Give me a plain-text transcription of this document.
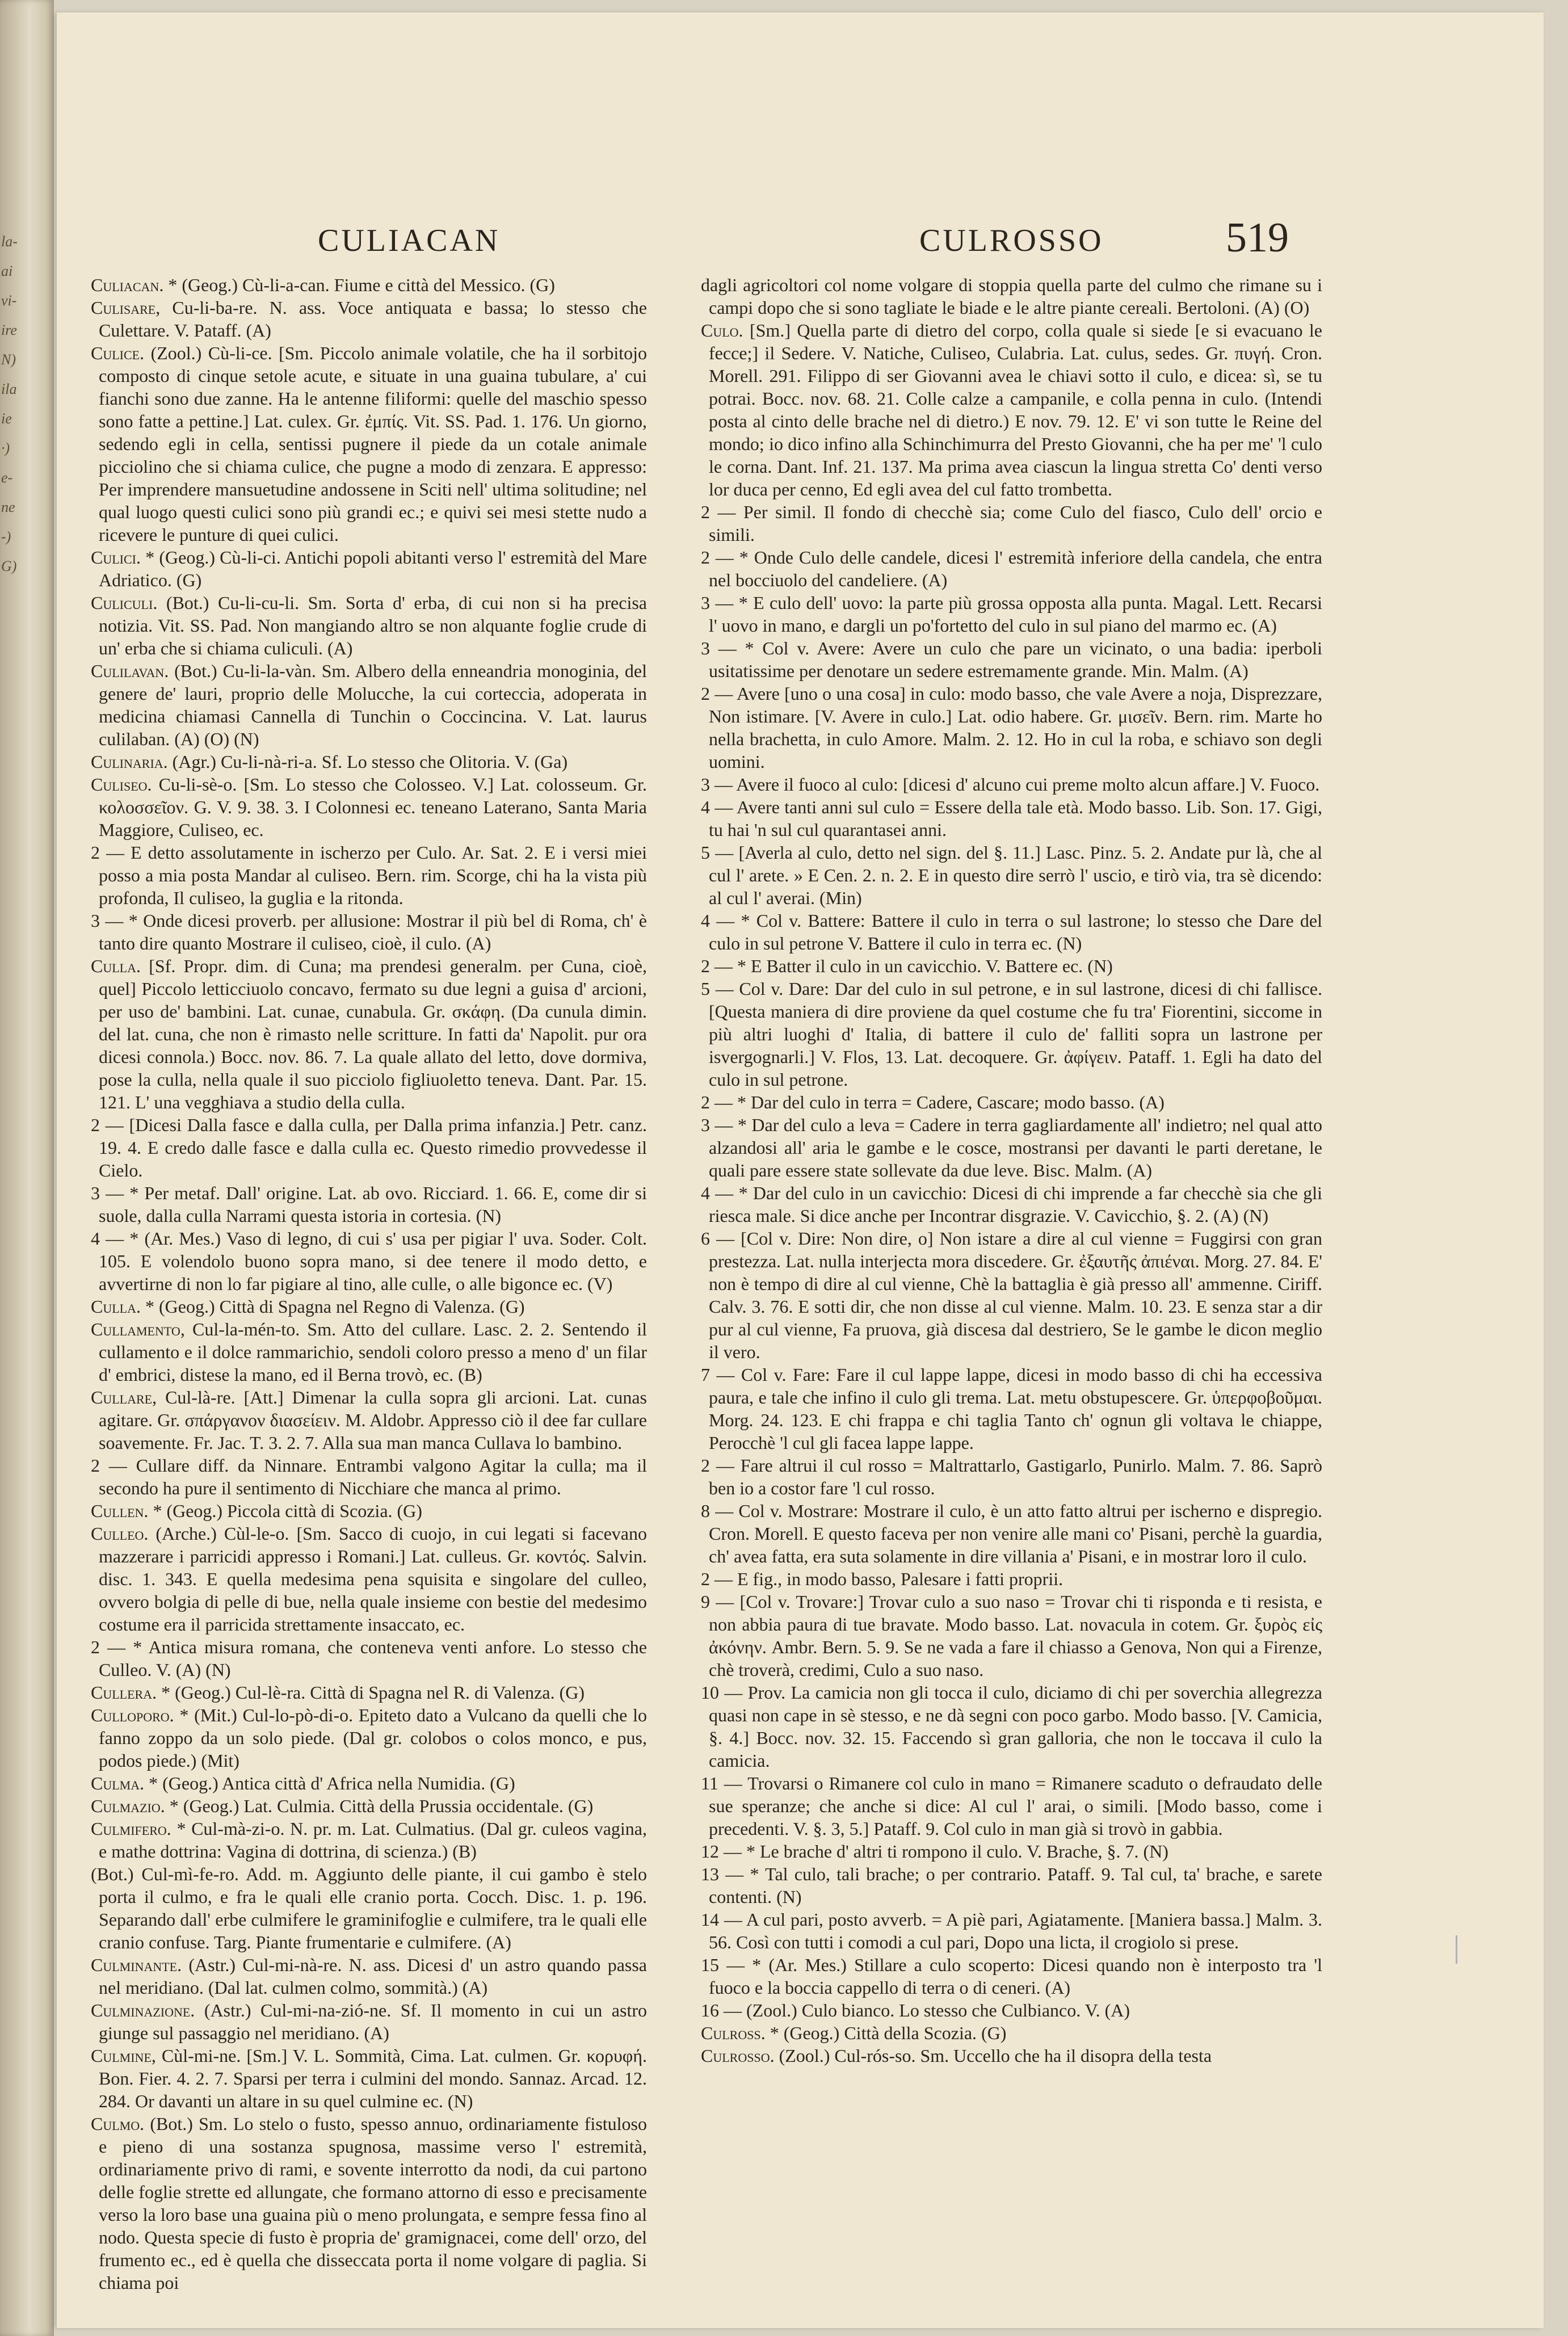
la- ai vi- ire N) ila ie ·) e- ne -) G)
CULIACAN	CULROSSO	519

Culiacan. * (Geog.) Cù-li-a-can. Fiume e città del Messico. (G)

Culisare, Cu-li-ba-re. N. ass. Voce antiquata e bassa; lo stesso che Culettare. V. Pataff. (A)

Culice. (Zool.) Cù-li-ce. [Sm. Piccolo animale volatile, che ha il sorbitojo composto di cinque setole acute, e situate in una guaina tubulare, a' cui fianchi sono due zanne. Ha le antenne filiformi: quelle del maschio spesso sono fatte a pettine.] Lat. culex. Gr. ἐμπίς. Vit. SS. Pad. 1. 176. Un giorno, sedendo egli in cella, sentissi pugnere il piede da un cotale animale picciolino che si chiama culice, che pugne a modo di zenzara. E appresso: Per imprendere mansuetudine andossene in Sciti nell' ultima solitudine; nel qual luogo questi culici sono più grandi ec.; e quivi sei mesi stette nudo a ricevere le punture di quei culici.

Culici. * (Geog.) Cù-li-ci. Antichi popoli abitanti verso l' estremità del Mare Adriatico. (G)

Culiculi. (Bot.) Cu-li-cu-li. Sm. Sorta d' erba, di cui non si ha precisa notizia. Vit. SS. Pad. Non mangiando altro se non alquante foglie crude di un' erba che si chiama culiculi. (A)

Culilavan. (Bot.) Cu-li-la-vàn. Sm. Albero della enneandria monoginia, del genere de' lauri, proprio delle Molucche, la cui corteccia, adoperata in medicina chiamasi Cannella di Tunchin o Coccincina. V. Lat. laurus culilaban. (A) (O) (N)

Culinaria. (Agr.) Cu-li-nà-ri-a. Sf. Lo stesso che Olitoria. V. (Ga)

Culiseo. Cu-li-sè-o. [Sm. Lo stesso che Colosseo. V.] Lat. colosseum. Gr. κολοσσεῖον. G. V. 9. 38. 3. I Colonnesi ec. teneano Laterano, Santa Maria Maggiore, Culiseo, ec.

2 — E detto assolutamente in ischerzo per Culo. Ar. Sat. 2. E i versi miei posso a mia posta Mandar al culiseo. Bern. rim. Scorge, chi ha la vista più profonda, Il culiseo, la guglia e la ritonda.

3 — * Onde dicesi proverb. per allusione: Mostrar il più bel di Roma, ch' è tanto dire quanto Mostrare il culiseo, cioè, il culo. (A)

Culla. [Sf. Propr. dim. di Cuna; ma prendesi generalm. per Cuna, cioè, quel] Piccolo letticciuolo concavo, fermato su due legni a guisa d' arcioni, per uso de' bambini. Lat. cunae, cunabula. Gr. σκάφη. (Da cunula dimin. del lat. cuna, che non è rimasto nelle scritture. In fatti da' Napolit. pur ora dicesi connola.) Bocc. nov. 86. 7. La quale allato del letto, dove dormiva, pose la culla, nella quale il suo picciolo figliuoletto teneva. Dant. Par. 15. 121. L' una vegghiava a studio della culla.

2 — [Dicesi Dalla fasce e dalla culla, per Dalla prima infanzia.] Petr. canz. 19. 4. E credo dalle fasce e dalla culla ec. Questo rimedio provvedesse il Cielo.

3 — * Per metaf. Dall' origine. Lat. ab ovo. Ricciard. 1. 66. E, come dir si suole, dalla culla Narrami questa istoria in cortesia. (N)

4 — * (Ar. Mes.) Vaso di legno, di cui s' usa per pigiar l' uva. Soder. Colt. 105. E volendolo buono sopra mano, si dee tenere il modo detto, e avvertirne di non lo far pigiare al tino, alle culle, o alle bigonce ec. (V)

Culla. * (Geog.) Città di Spagna nel Regno di Valenza. (G)

Cullamento, Cul-la-mén-to. Sm. Atto del cullare. Lasc. 2. 2. Sentendo il cullamento e il dolce rammarichio, sendoli coloro presso a meno d' un filar d' embrici, distese la mano, ed il Berna trovò, ec. (B)

Cullare, Cul-là-re. [Att.] Dimenar la culla sopra gli arcioni. Lat. cunas agitare. Gr. σπάργανον διασείειν. M. Aldobr. Appresso ciò il dee far cullare soavemente. Fr. Jac. T. 3. 2. 7. Alla sua man manca Cullava lo bambino.

2 — Cullare diff. da Ninnare. Entrambi valgono Agitar la culla; ma il secondo ha pure il sentimento di Nicchiare che manca al primo.

Cullen. * (Geog.) Piccola città di Scozia. (G)

Culleo. (Arche.) Cùl-le-o. [Sm. Sacco di cuojo, in cui legati si facevano mazzerare i parricidi appresso i Romani.] Lat. culleus. Gr. κοντός. Salvin. disc. 1. 343. E quella medesima pena squisita e singolare del culleo, ovvero bolgia di pelle di bue, nella quale insieme con bestie del medesimo costume era il parricida strettamente insaccato, ec.

2 — * Antica misura romana, che conteneva venti anfore. Lo stesso che Culleo. V. (A) (N)

Cullera. * (Geog.) Cul-lè-ra. Città di Spagna nel R. di Valenza. (G)

Culloporo. * (Mit.) Cul-lo-pò-di-o. Epiteto dato a Vulcano da quelli che lo fanno zoppo da un solo piede. (Dal gr. colobos o colos monco, e pus, podos piede.) (Mit)

Culma. * (Geog.) Antica città d' Africa nella Numidia. (G)

Culmazio. * (Geog.) Lat. Culmia. Città della Prussia occidentale. (G)

Culmifero. * Cul-mà-zi-o. N. pr. m. Lat. Culmatius. (Dal gr. culeos vagina, e mathe dottrina: Vagina di dottrina, di scienza.) (B)

(Bot.) Cul-mì-fe-ro. Add. m. Aggiunto delle piante, il cui gambo è stelo porta il culmo, e fra le quali elle cranio porta. Cocch. Disc. 1. p. 196. Separando dall' erbe culmifere le graminifoglie e culmifere, tra le quali elle cranio confuse. Targ. Piante frumentarie e culmifere. (A)

Culminante. (Astr.) Cul-mi-nà-re. N. ass. Dicesi d' un astro quando passa nel meridiano. (Dal lat. culmen colmo, sommità.) (A)

Culminazione. (Astr.) Cul-mi-na-zió-ne. Sf. Il momento in cui un astro giunge sul passaggio nel meridiano. (A)

Culmine, Cùl-mi-ne. [Sm.] V. L. Sommità, Cima. Lat. culmen. Gr. κορυφή. Bon. Fier. 4. 2. 7. Sparsi per terra i culmini del mondo. Sannaz. Arcad. 12. 284. Or davanti un altare in su quel culmine ec. (N)

Culmo. (Bot.) Sm. Lo stelo o fusto, spesso annuo, ordinariamente fistuloso e pieno di una sostanza spugnosa, massime verso l' estremità, ordinariamente privo di rami, e sovente interrotto da nodi, da cui partono delle foglie strette ed allungate, che formano attorno di esso e precisamente verso la loro base una guaina più o meno prolungata, e sempre fessa fino al nodo. Questa specie di fusto è propria de' gramignacei, come dell' orzo, del frumento ec., ed è quella che disseccata porta il nome volgare di paglia. Si chiama poi

dagli agricoltori col nome volgare di stoppia quella parte del culmo che rimane su i campi dopo che si sono tagliate le biade e le altre piante cereali. Bertoloni. (A) (O)

Culo. [Sm.] Quella parte di dietro del corpo, colla quale si siede [e si evacuano le fecce;] il Sedere. V. Natiche, Culiseo, Culabria. Lat. culus, sedes. Gr. πυγή. Cron. Morell. 291. Filippo di ser Giovanni avea le chiavi sotto il culo, e dicea: sì, se tu potrai. Bocc. nov. 68. 21. Colle calze a campanile, e colla penna in culo. (Intendi posta al cinto delle brache nel di dietro.) E nov. 79. 12. E' vi son tutte le Reine del mondo; io dico infino alla Schinchimurra del Presto Giovanni, che ha per me' 'l culo le corna. Dant. Inf. 21. 137. Ma prima avea ciascun la lingua stretta Co' denti verso lor duca per cenno, Ed egli avea del cul fatto trombetta.

2 — Per simil. Il fondo di checchè sia; come Culo del fiasco, Culo dell' orcio e simili.

2 — * Onde Culo delle candele, dicesi l' estremità inferiore della candela, che entra nel bocciuolo del candeliere. (A)

3 — * E culo dell' uovo: la parte più grossa opposta alla punta. Magal. Lett. Recarsi l' uovo in mano, e dargli un po'fortetto del culo in sul piano del marmo ec. (A)

3 — * Col v. Avere: Avere un culo che pare un vicinato, o una badia: iperboli usitatissime per denotare un sedere estremamente grande. Min. Malm. (A)

2 — Avere [uno o una cosa] in culo: modo basso, che vale Avere a noja, Disprezzare, Non istimare. [V. Avere in culo.] Lat. odio habere. Gr. μισεῖν. Bern. rim. Marte ho nella brachetta, in culo Amore. Malm. 2. 12. Ho in cul la roba, e schiavo son degli uomini.

3 — Avere il fuoco al culo: [dicesi d' alcuno cui preme molto alcun affare.] V. Fuoco.

4 — Avere tanti anni sul culo = Essere della tale età. Modo basso. Lib. Son. 17. Gigi, tu hai 'n sul cul quarantasei anni.

5 — [Averla al culo, detto nel sign. del §. 11.] Lasc. Pinz. 5. 2. Andate pur là, che al cul l' arete. » E Cen. 2. n. 2. E in questo dire serrò l' uscio, e tirò via, tra sè dicendo: al cul l' averai. (Min)

4 — * Col v. Battere: Battere il culo in terra o sul lastrone; lo stesso che Dare del culo in sul petrone V. Battere il culo in terra ec. (N)

2 — * E Batter il culo in un cavicchio. V. Battere ec. (N)

5 — Col v. Dare: Dar del culo in sul petrone, e in sul lastrone, dicesi di chi fallisce. [Questa maniera di dire proviene da quel costume che fu tra' Fiorentini, siccome in più altri luoghi d' Italia, di battere il culo de' falliti sopra un lastrone per isvergognarli.] V. Flos, 13. Lat. decoquere. Gr. ἀφίγειν. Pataff. 1. Egli ha dato del culo in sul petrone.

2 — * Dar del culo in terra = Cadere, Cascare; modo basso. (A)

3 — * Dar del culo a leva = Cadere in terra gagliardamente all' indietro; nel qual atto alzandosi all' aria le gambe e le cosce, mostransi per davanti le parti deretane, le quali pare essere state sollevate da due leve. Bisc. Malm. (A)

4 — * Dar del culo in un cavicchio: Dicesi di chi imprende a far checchè sia che gli riesca male. Si dice anche per Incontrar disgrazie. V. Cavicchio, §. 2. (A) (N)

6 — [Col v. Dire: Non dire, o] Non istare a dire al cul vienne = Fuggirsi con gran prestezza. Lat. nulla interjecta mora discedere. Gr. ἐξαυτῆς ἀπιέναι. Morg. 27. 84. E' non è tempo di dire al cul vienne, Chè la battaglia è già presso all' ammenne. Ciriff. Calv. 3. 76. E sotti dir, che non disse al cul vienne. Malm. 10. 23. E senza star a dir pur al cul vienne, Fa pruova, già discesa dal destriero, Se le gambe le dicon meglio il vero.

7 — Col v. Fare: Fare il cul lappe lappe, dicesi in modo basso di chi ha eccessiva paura, e tale che infino il culo gli trema. Lat. metu obstupescere. Gr. ὑπερφοβοῦμαι. Morg. 24. 123. E chi frappa e chi taglia Tanto ch' ognun gli voltava le chiappe, Perocchè 'l cul gli facea lappe lappe.

2 — Fare altrui il cul rosso = Maltrattarlo, Gastigarlo, Punirlo. Malm. 7. 86. Saprò ben io a costor fare 'l cul rosso.

8 — Col v. Mostrare: Mostrare il culo, è un atto fatto altrui per ischerno e dispregio. Cron. Morell. E questo faceva per non venire alle mani co' Pisani, perchè la guardia, ch' avea fatta, era suta solamente in dire villania a' Pisani, e in mostrar loro il culo.

2 — E fig., in modo basso, Palesare i fatti proprii.

9 — [Col v. Trovare:] Trovar culo a suo naso = Trovar chi ti risponda e ti resista, e non abbia paura di tue bravate. Modo basso. Lat. novacula in cotem. Gr. ξυρὸς εἰς ἀκόνην. Ambr. Bern. 5. 9. Se ne vada a fare il chiasso a Genova, Non qui a Firenze, chè troverà, credimi, Culo a suo naso.

10 — Prov. La camicia non gli tocca il culo, diciamo di chi per soverchia allegrezza quasi non cape in sè stesso, e ne dà segni con poco garbo. Modo basso. [V. Camicia, §. 4.] Bocc. nov. 32. 15. Faccendo sì gran galloria, che non le toccava il culo la camicia.

11 — Trovarsi o Rimanere col culo in mano = Rimanere scaduto o defraudato delle sue speranze; che anche si dice: Al cul l' arai, o simili. [Modo basso, come i precedenti. V. §. 3, 5.] Pataff. 9. Col culo in man già si trovò in gabbia.

12 — * Le brache d' altri ti rompono il culo. V. Brache, §. 7. (N)

13 — * Tal culo, tali brache; o per contrario. Pataff. 9. Tal cul, ta' brache, e sarete contenti. (N)

14 — A cul pari, posto avverb. = A piè pari, Agiatamente. [Maniera bassa.] Malm. 3. 56. Così con tutti i comodi a cul pari, Dopo una licta, il crogiolo si prese.

15 — * (Ar. Mes.) Stillare a culo scoperto: Dicesi quando non è interposto tra 'l fuoco e la boccia cappello di terra o di ceneri. (A)

16 — (Zool.) Culo bianco. Lo stesso che Culbianco. V. (A)

Culross. * (Geog.) Città della Scozia. (G)

Culrosso. (Zool.) Cul-rós-so. Sm. Uccello che ha il disopra della testa
